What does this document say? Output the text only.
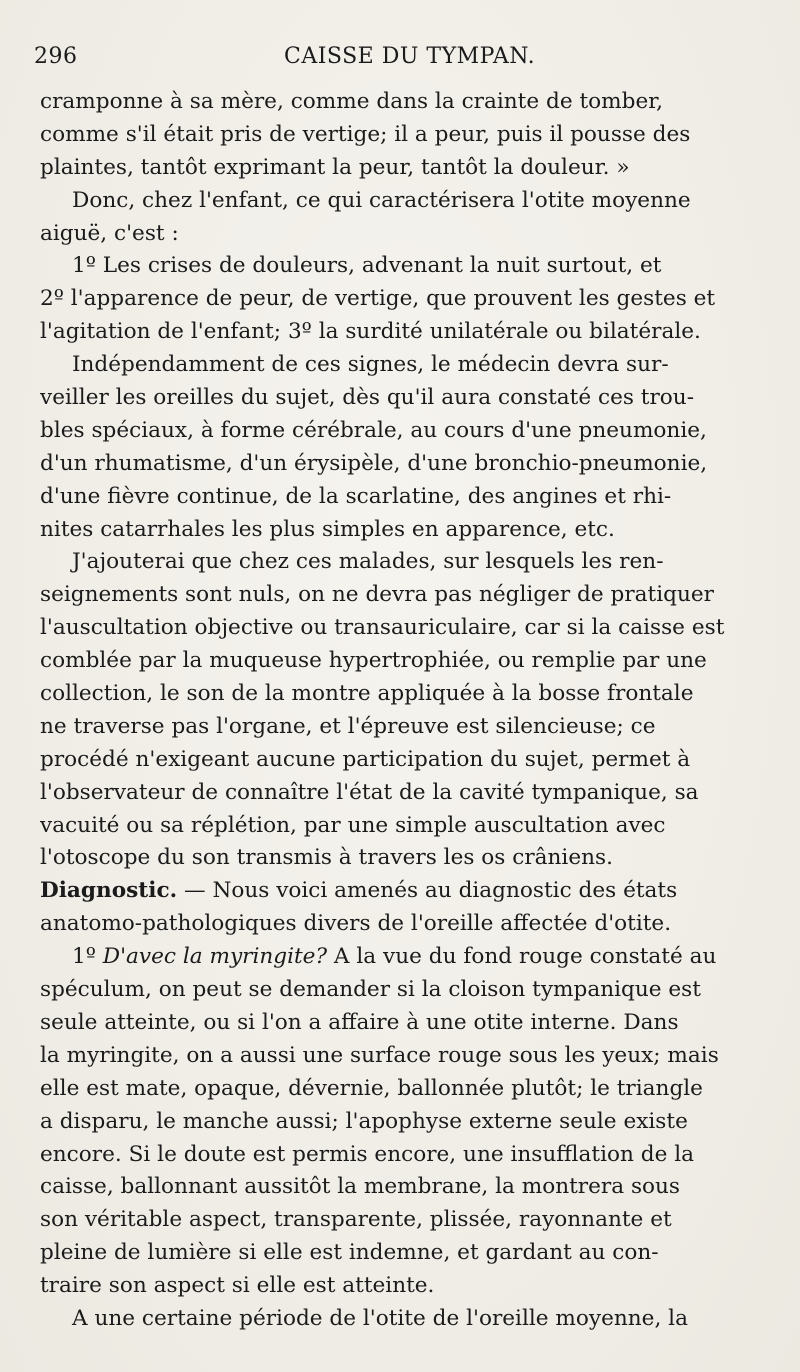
296	CAISSE DU TYMPAN.
cramponne à sa mère, comme dans la crainte de tomber,
comme s'il était pris de vertige; il a peur, puis il pousse des
plaintes, tantôt exprimant la peur, tantôt la douleur. »
Donc, chez l'enfant, ce qui caractérisera l'otite moyenne
aiguë, c'est :
1º Les crises de douleurs, advenant la nuit surtout, et
2º l'apparence de peur, de vertige, que prouvent les gestes et
l'agitation de l'enfant; 3º la surdité unilatérale ou bilatérale.
Indépendamment de ces signes, le médecin devra sur-
veiller les oreilles du sujet, dès qu'il aura constaté ces trou-
bles spéciaux, à forme cérébrale, au cours d'une pneumonie,
d'un rhumatisme, d'un érysipèle, d'une bronchio-pneumonie,
d'une fièvre continue, de la scarlatine, des angines et rhi-
nites catarrhales les plus simples en apparence, etc.
J'ajouterai que chez ces malades, sur lesquels les ren-
seignements sont nuls, on ne devra pas négliger de pratiquer
l'auscultation objective ou transauriculaire, car si la caisse est
comblée par la muqueuse hypertrophiée, ou remplie par une
collection, le son de la montre appliquée à la bosse frontale
ne traverse pas l'organe, et l'épreuve est silencieuse; ce
procédé n'exigeant aucune participation du sujet, permet à
l'observateur de connaître l'état de la cavité tympanique, sa
vacuité ou sa réplétion, par une simple auscultation avec
l'otoscope du son transmis à travers les os crâniens.
Diagnostic. — Nous voici amenés au diagnostic des états
anatomo-pathologiques divers de l'oreille affectée d'otite.
1º D'avec la myringite? A la vue du fond rouge constaté au
spéculum, on peut se demander si la cloison tympanique est
seule atteinte, ou si l'on a affaire à une otite interne. Dans
la myringite, on a aussi une surface rouge sous les yeux; mais
elle est mate, opaque, dévernie, ballonnée plutôt; le triangle
a disparu, le manche aussi; l'apophyse externe seule existe
encore. Si le doute est permis encore, une insufflation de la
caisse, ballonnant aussitôt la membrane, la montrera sous
son véritable aspect, transparente, plissée, rayonnante et
pleine de lumière si elle est indemne, et gardant au con-
traire son aspect si elle est atteinte.
A une certaine période de l'otite de l'oreille moyenne, la
